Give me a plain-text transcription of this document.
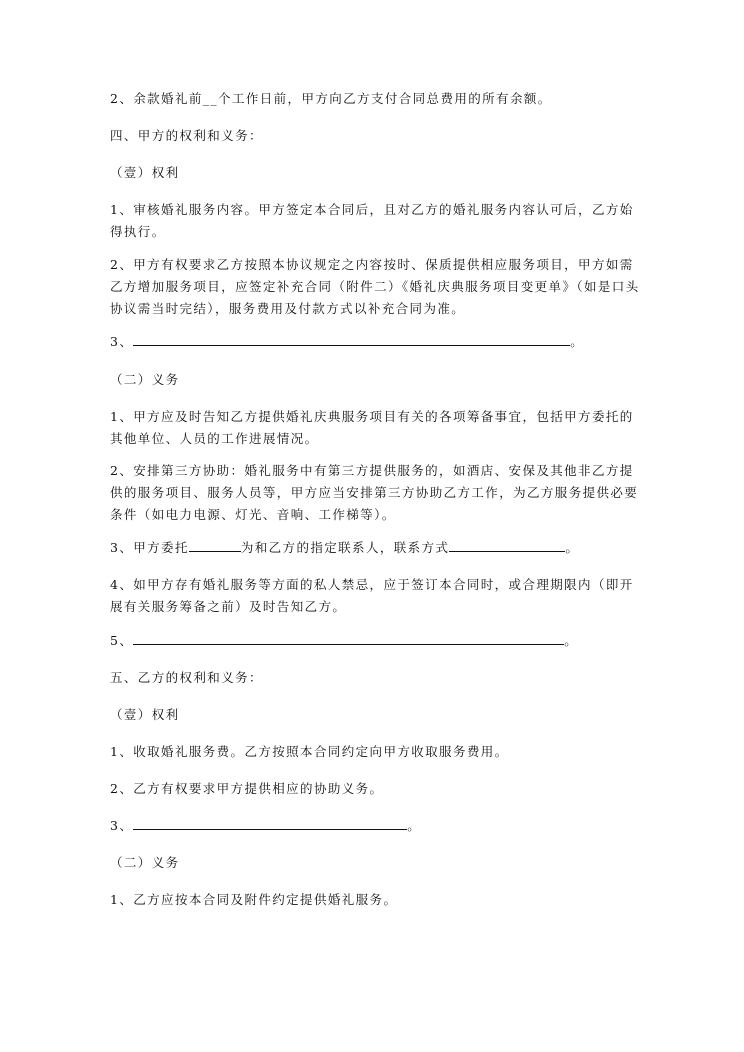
2、余款婚礼前__个工作日前，甲方向乙方支付合同总费用的所有余额。

四、甲方的权利和义务：

（壹）权利

1、审核婚礼服务内容。甲方签定本合同后，且对乙方的婚礼服务内容认可后，乙方始得执行。

2、甲方有权要求乙方按照本协议规定之内容按时、保质提供相应服务项目，甲方如需乙方增加服务项目，应签定补充合同（附件二）《婚礼庆典服务项目变更单》（如是口头协议需当时完结），服务费用及付款方式以补充合同为准。

3、	。

（二）义务

1、甲方应及时告知乙方提供婚礼庆典服务项目有关的各项筹备事宜，包括甲方委托的其他单位、人员的工作进展情况。

2、安排第三方协助：婚礼服务中有第三方提供服务的，如酒店、安保及其他非乙方提供的服务项目、服务人员等，甲方应当安排第三方协助乙方工作，为乙方服务提供必要条件（如电力电源、灯光、音响、工作梯等）。

3、甲方委托	为和乙方的指定联系人，联系方式	。

4、如甲方存有婚礼服务等方面的私人禁忌，应于签订本合同时，或合理期限内（即开展有关服务筹备之前）及时告知乙方。

5、	。

五、乙方的权利和义务：

（壹）权利

1、收取婚礼服务费。乙方按照本合同约定向甲方收取服务费用。

2、乙方有权要求甲方提供相应的协助义务。

3、	。

（二）义务

1、乙方应按本合同及附件约定提供婚礼服务。
